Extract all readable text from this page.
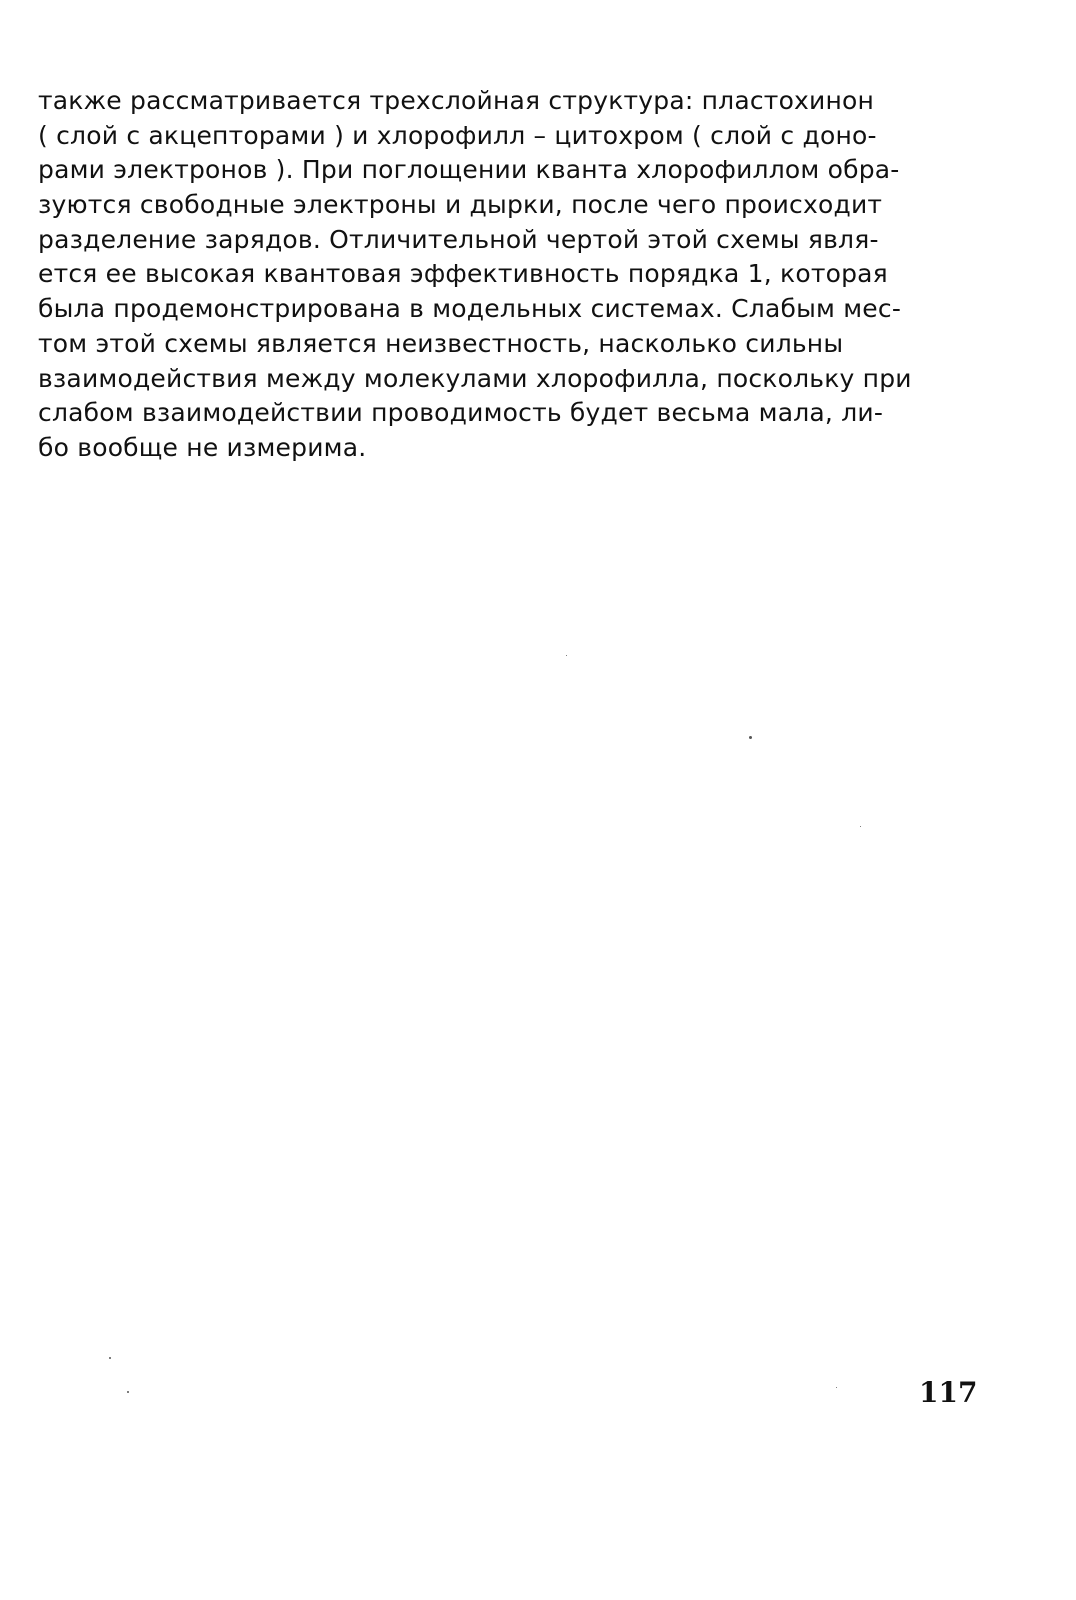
также рассматривается трехслойная структура: пластохинон
( слой с акцепторами ) и хлорофилл – цитохром ( слой с доно-
рами электронов ). При поглощении кванта хлорофиллом обра-
зуются свободные электроны и дырки, после чего происходит
разделение зарядов. Отличительной чертой этой схемы явля-
ется ее высокая квантовая эффективность порядка 1, которая
была продемонстрирована в модельных системах. Слабым мес-
том этой схемы является неизвестность, насколько сильны
взаимодействия между молекулами хлорофилла, поскольку при
слабом взаимодействии проводимость будет весьма мала, ли-
бо вообще не измерима.
117
